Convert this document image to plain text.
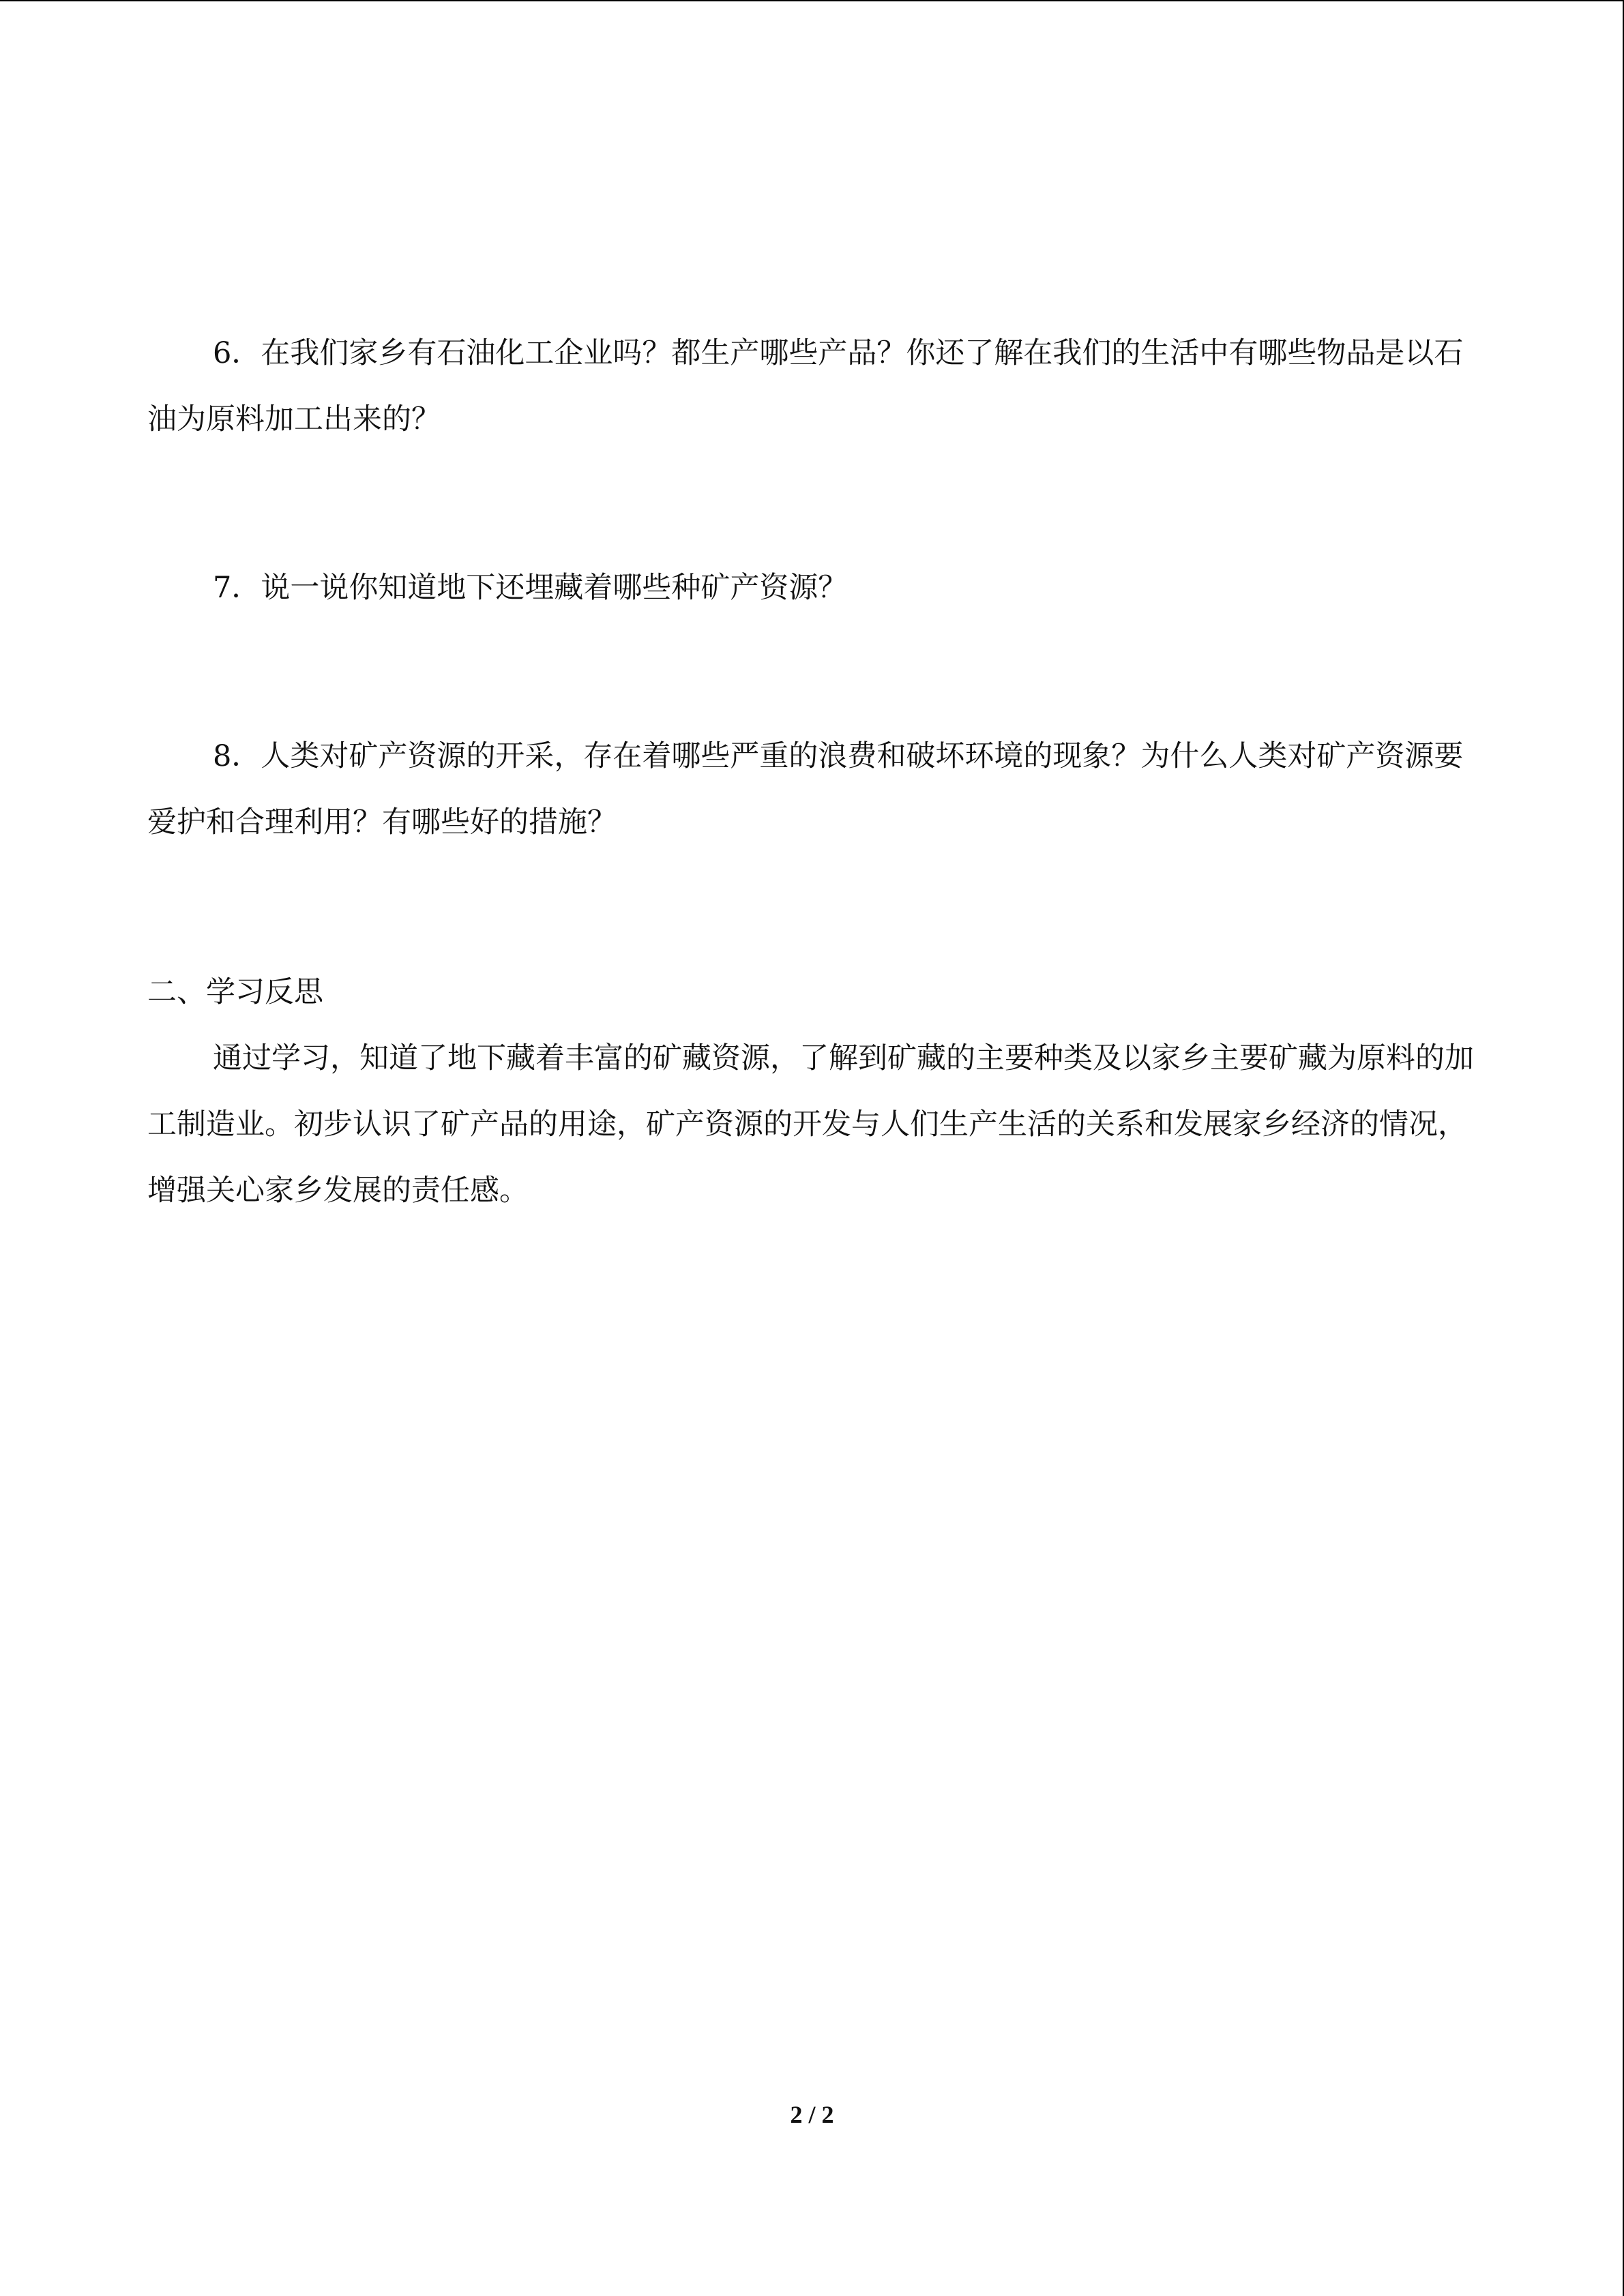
6．在我们家乡有石油化工企业吗？都生产哪些产品？你还了解在我们的生活中有哪些物品是以石油为原料加工出来的？

7．说一说你知道地下还埋藏着哪些种矿产资源？

8．人类对矿产资源的开采，存在着哪些严重的浪费和破坏环境的现象？为什么人类对矿产资源要爱护和合理利用？有哪些好的措施？

二、学习反思

通过学习，知道了地下藏着丰富的矿藏资源，了解到矿藏的主要种类及以家乡主要矿藏为原料的加工制造业。初步认识了矿产品的用途，矿产资源的开发与人们生产生活的关系和发展家乡经济的情况，增强关心家乡发展的责任感。

2 / 2
